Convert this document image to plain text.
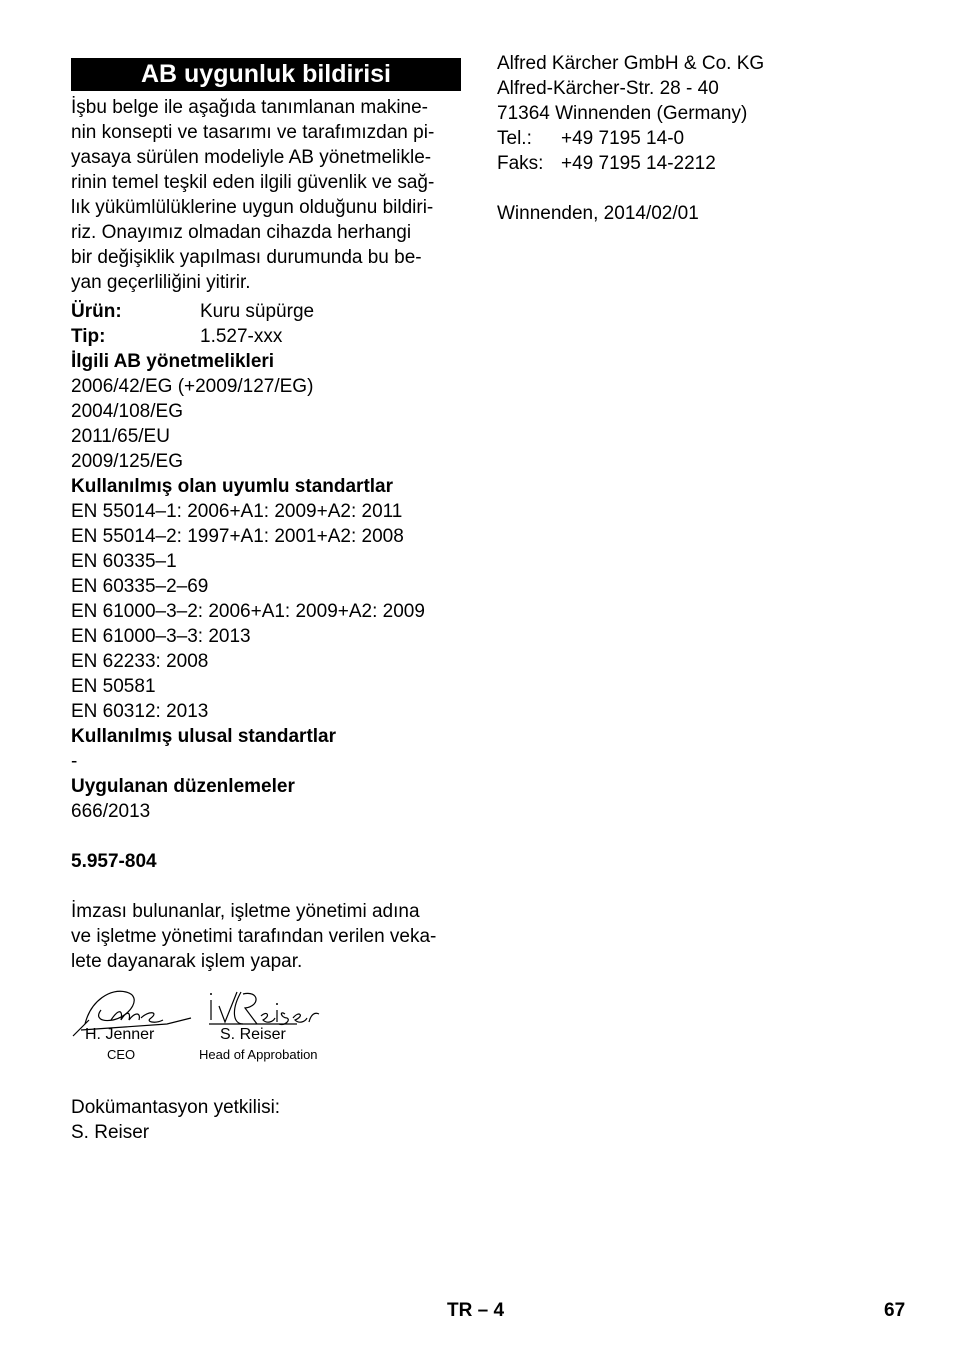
AB uygunluk bildirisi

İşbu belge ile aşağıda tanımlanan makine-
nin konsepti ve tasarımı ve tarafımızdan pi-
yasaya sürülen modeliyle AB yönetmelikle-
rinin temel teşkil eden ilgili güvenlik ve sağ-
lık yükümlülüklerine uygun olduğunu bildiri-
riz. Onayımız olmadan cihazda herhangi
bir değişiklik yapılması durumunda bu be-
yan geçerliliğini yitirir.

Ürün:	Kuru süpürge
Tip:	1.527-xxx
İlgili AB yönetmelikleri
2006/42/EG (+2009/127/EG)
2004/108/EG
2011/65/EU
2009/125/EG
Kullanılmış olan uyumlu standartlar
EN 55014–1: 2006+A1: 2009+A2: 2011
EN 55014–2: 1997+A1: 2001+A2: 2008
EN 60335–1
EN 60335–2–69
EN 61000–3–2: 2006+A1: 2009+A2: 2009
EN 61000–3–3: 2013
EN 62233: 2008
EN 50581
EN 60312: 2013
Kullanılmış ulusal standartlar
-
Uygulanan düzenlemeler
666/2013
5.957-804
İmzası bulunanlar, işletme yönetimi adına
ve işletme yönetimi tarafından verilen veka-
lete dayanarak işlem yapar.
H. Jenner
CEO
S. Reiser
Head of Approbation
Dokümantasyon yetkilisi:
S. Reiser
Alfred Kärcher GmbH & Co. KG
Alfred-Kärcher-Str. 28 - 40
71364 Winnenden (Germany)
Tel.:	+49 7195 14-0
Faks: +49 7195 14-2212
Winnenden, 2014/02/01
TR – 4	67
